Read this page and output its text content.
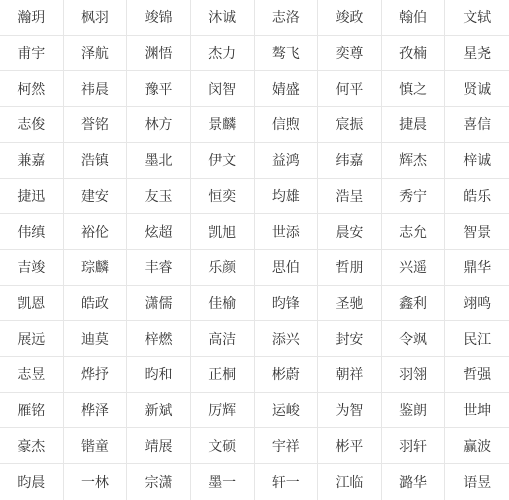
瀚玥	枫羽	竣锦	沐诚	志洛	竣政	翰伯	文轼
甫宇	泽航	渊悟	杰力	骜飞	奕尊	孜楠	星尧
柯然	祎晨	豫平	闵智	婧盛	何平	慎之	贤诚
志俊	誉铭	林方	景麟	信煦	宸振	捷晨	喜信
兼嘉	浩镇	墨北	伊文	益鸿	纬嘉	辉杰	梓诚
捷迅	建安	友玉	恒奕	均雄	浩呈	秀宁	皓乐
伟缜	裕伦	炫超	凯旭	世添	晨安	志允	智景
吉竣	琮麟	丰睿	乐颜	思伯	哲朋	兴遥	鼎华
凯恩	皓政	潇儒	佳榆	昀锋	圣驰	鑫利	翊鸣
展远	迪莫	梓燃	高洁	添兴	封安	令飒	民江
志昱	烨抒	昀和	正桐	彬蔚	朝祥	羽翎	哲强
雁铭	桦泽	新斌	厉辉	运峻	为智	鉴朗	世坤
豪杰	锴童	靖展	文硕	宇祥	彬平	羽轩	赢波
昀晨	一林	宗潇	墨一	轩一	江临	潞华	语昱
